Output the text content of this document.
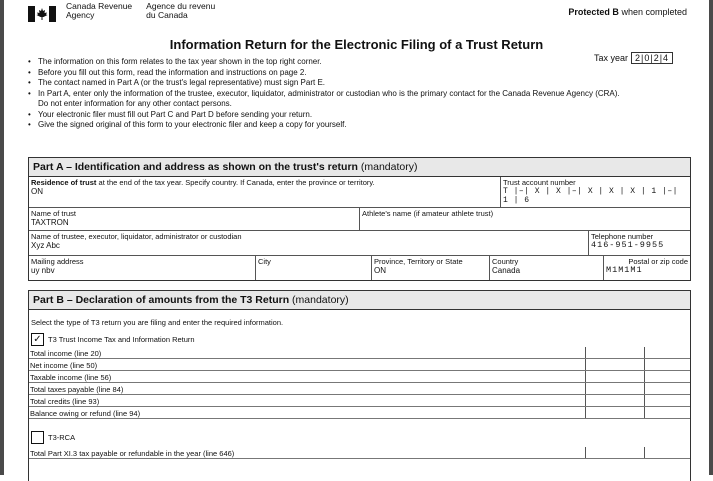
Canada Revenue
Agency
Agence du revenu
du Canada	Protected B when completed
Information Return for the Electronic Filing of a Trust Return
Tax year 2|0|2|4
• The information on this form relates to the tax year shown in the top right corner.
• Before you fill out this form, read the information and instructions on page 2.
• The contact named in Part A (or the trust's legal representative) must sign Part E.
• In Part A, enter only the information of the trustee, executor, liquidator, administrator or custodian who is the primary contact for the Canada Revenue Agency (CRA). Do not enter information for any other contact persons.
• Your electronic filer must fill out Part C and Part D before sending your return.
• Give the signed original of this form to your electronic filer and keep a copy for yourself.
Part A – Identification and address as shown on the trust's return (mandatory)
Residence of trust at the end of the tax year. Specify country. If Canada, enter the province or territory.
ON
Trust account number
T |–| X | X |–| X | X | X | 1 |–| 1 | 6
Name of trust
TAXTRON
Athlete's name (if amateur athlete trust)
Name of trustee, executor, liquidator, administrator or custodian
Xyz Abc
Telephone number
416-951-9955
Mailing address
uy nbv
City	Province, Territory or State
ON
Country
Canada
Postal or zip code
M1M1M1
Part B – Declaration of amounts from the T3 Return (mandatory)
Select the type of T3 return you are filing and enter the required information.
✓ T3 Trust Income Tax and Information Return
Total income (line 20)
Net income (line 50)
Taxable income (line 56)
Total taxes payable (line 84)
Total credits (line 93)
Balance owing or refund (line 94)
T3-RCA
Total Part XI.3 tax payable or refundable in the year (line 646)
